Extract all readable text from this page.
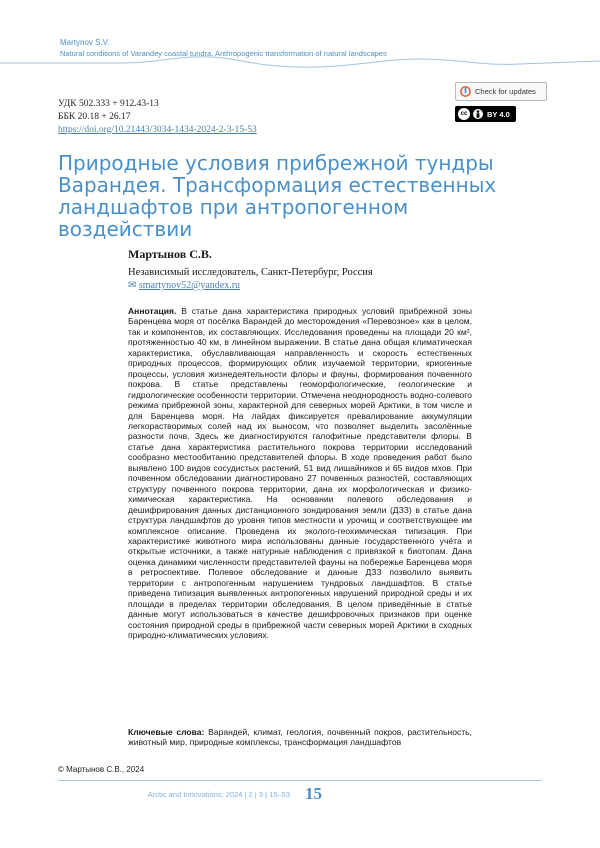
Martynov S.V.
Natural conditions of Varandey coastal tundra. Anthropogenic transformation of natural landscapes
УДК 502.333 + 912.43-13
ББК 20.18 + 26.17
https://doi.org/10.21443/3034-1434-2024-2-3-15-53
Check for updates
cc	BY 4.0
Природные условия прибрежной тундры Варандея. Трансформация естественных ландшафтов при антропогенном воздействии
Мартынов С.В.
Независимый исследователь, Санкт-Петербург, Россия
✉ smartynov52@yandex.ru
Аннотация. В статье дана характеристика природных условий прибрежной зоны Баренцева моря от посёлка Варандей до месторождения «Перевозное» как в целом, так и компонентов, их составляющих. Исследования проведены на площади 20 км², протяженностью 40 км, в линейном выражении. В статье дана общая климатическая характеристика, обуславливающая направленность и скорость естественных природных процессов, формирующих облик изучаемой территории, криогенные процессы, условия жизнедеятельности флоры и фауны, формирования почвенного покрова. В статье представлены геоморфологические, геологические и гидрологические особенности территории. Отмечена неоднородность водно-солевого режима прибрежной зоны, характерной для северных морей Арктики, в том числе и для Баренцева моря. На лайдах фиксируется превалирование аккумуляции легкорастворимых солей над их выносом, что позволяет выделить засолённые разности почв. Здесь же диагностируются галофитные представители флоры. В статье дана характеристика растительного покрова территории исследований сообразно местообитанию представителей флоры. В ходе проведения работ было выявлено 100 видов сосудистых растений, 51 вид лишайников и 65 видов мхов. При почвенном обследовании диагностировано 27 почвенных разностей, составляющих структуру почвенного покрова территории, дана их морфологическая и физико-химическая характеристика. На основании полевого обследования и дешифрирования данных дистанционного зондирования земли (ДЗЗ) в статье дана структура ландшафтов до уровня типов местности и урочищ и соответствующее им комплексное описание. Проведена их эколого-геохимическая типизация. При характеристике животного мира использованы данные государственного учёта и открытые источники, а также натурные наблюдения с привязкой к биотопам. Дана оценка динамики численности представителей фауны на побережье Баренцева моря в ретроспективе. Полевое обследование и данные ДЗЗ позволило выявить территории с антропогенным нарушением тундровых ландшафтов. В статье приведена типизация выявленных антропогенных нарушений природной среды и их площади в пределах территории обследования. В целом приведённые в статье данные могут использоваться в качестве дешифровочных признаков при оценке состояния природной среды в прибрежной части северных морей Арктики в сходных природно-климатических условиях.
Ключевые слова: Варандей, климат, геология, почвенный покров, растительность, животный мир, природные комплексы, трансформация ландшафтов
© Мартынов С.В., 2024
Arctic and Innovations, 2024 | 2 | 3 | 15–53 15
